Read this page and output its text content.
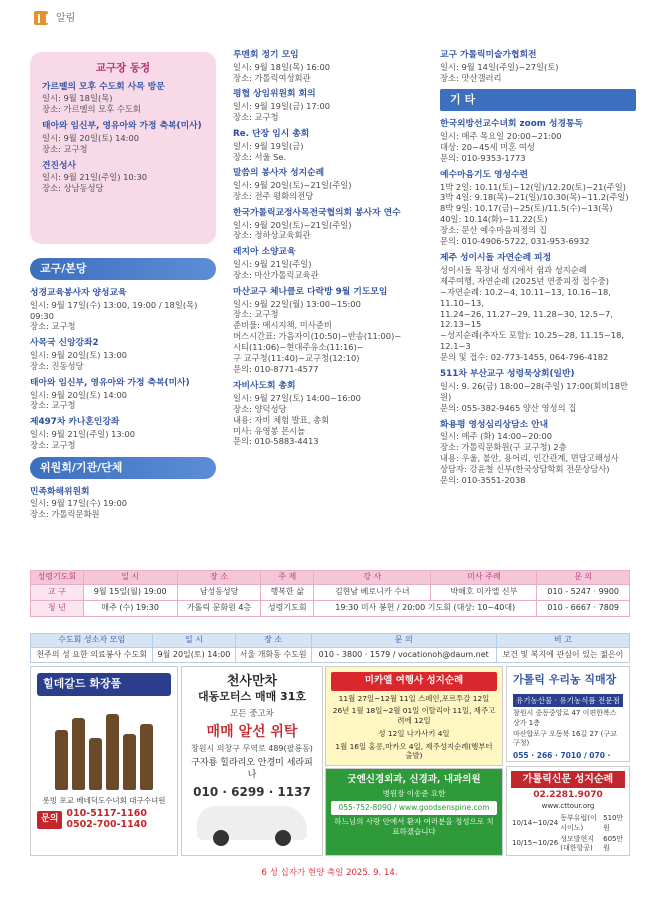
알림
교구장 동정
가르멜의 모후 수도회 사목 방문
일시: 9월 18일(목)
장소: 가르멜의 모후 수도회
태아와 임신부, 영유아와 가정 축복(미사)
일시: 9월 20일(토) 14:00
장소: 교구청
견진성사
일시: 9월 21일(주일) 10:30
장소: 상남동성당
교구/본당
성경교육봉사자 양성교육
일시: 9월 17일(수) 13:00, 19:00 / 18일(목) 09:30
장소: 교구청
사목국 신앙강좌2
일시: 9월 20일(토) 13:00
장소: 진동성당
태아와 임신부, 영유아와 가정 축복(미사)
일시: 9월 20일(토) 14:00
장소: 교구청
제497차 카나혼인강좌
일시: 9월 21일(주일) 13:00
장소: 교구청
위원회/기관/단체
민족화해위원회
일시: 9월 17일(수) 19:00
장소: 가톨릭문화원
루멘회 정기 모임
일시: 9월 18일(목) 16:00
장소: 가톨릭여성회관
평협 상임위원회 회의
일시: 9월 19일(금) 17:00
장소: 교구청
Re. 단장 임시 총회
일시: 9월 19일(금)
장소: 서울 Se.
말씀의 봉사자 성지순례
일시: 9월 20일(토)~21일(주일)
장소: 전주 평화의전당
한국가톨릭교정사목전국협의회 봉사자 연수
일시: 9월 20일(토)~21일(주일)
장소: 정하상교육회관
레지아 소양교육
일시: 9월 21일(주일)
장소: 마산가톨릭교육관
마산교구 체나클로 다락방 9월 기도모임
일시: 9월 22일(월) 13:00~15:00
장소: 교구청
준비물: 메시지책, 미사준비
버스시간표: 가음자이(10:50)~반송(11:00)~
시티(11:06)~현대주유소(11:16)~
구 교구청(11:40)~교구청(12:10)
문의: 010-8771-4577
자비사도회 총회
일시: 9월 27일(토) 14:00~16:00
장소: 양덕성당
내용: 자비 체험 발표, 총회
미사: 유영봉 몬시뇰
문의: 010-5883-4413
교구 가톨릭미술가협회전
일시: 9월 14일(주일)~27일(토)
장소: 맛산갤러리
기 타
한국외방선교수녀회 zoom 성경통독
일시: 매주 목요일 20:00~21:00
대상: 20~45세 미혼 여성
문의: 010-9353-1773
예수마음기도 영성수련
1박 2일: 10.11(토)~12(일)/12.20(토)~21(주일)
3박 4일: 9.18(목)~21(일)/10.30(목)~11.2(주일)
8박 9일: 10.17(금)~25(토)/11.5(수)~13(목)
40일: 10.14(화)~11.22(토)
장소: 문산 예수마음피정의 집
문의: 010-4906-5722, 031-953-6932
제주 성이시돌 자연순례 피정
성이시돌 목장내 성지에서 쉼과 성지순례
제주여행, 자연순례 (2025년 연중피정 접수중)
~자연순례: 10.2~4, 10.11~13, 10.16~18, 11.10~13,
11.24~26, 11.27~29, 11.28~30, 12.5~7, 12.13~15
~성지순례(추자도 포함): 10.25~28, 11.15~18, 12.1~3
문의 및 접수: 02-773-1455, 064-796-4182
511차 부산교구 성령묵상회(일반)
일시: 9. 26(금) 18:00~28(주일) 17:00(회비18만원)
문의: 055-382-9465 양산 영성의 집
화용평 영성심리상담소 안내
일시: 매주 (화) 14:00~20:00
장소: 가톨릭문화원(구 교구청) 2층
내용: 우울, 불안, 용어리, 인간관계, 면담고해성사
상담자: 강윤철 신부(한국상담학회 전문상담사)
문의: 010-3551-2038
성령기도회	일 시	장 소	주 제	강 사	미사 주례	문 의
교 구	9월 15일(월) 19:00	남성동성당	행복한 삶	김현남 베로니카 수녀	박해호 미카엘 신부	010 - 5247 · 9900
청 년	매주 (수) 19:30	가톨릭 문화원 4층	성령기도회	19:30 미사 봉헌 / 20:00 기도회 (대상: 10~40대)		010 - 6667 · 7809
수도회 성소자 모임	일 시	장 소	문 의	비 고
천주의 성 요한 의료봉사 수도회	9월 20일(토) 14:00	서울 개화동 수도원	010 - 3800 · 1579 / vocationoh@daum.net	보건 및 복지에 관심이 있는 젊은이
힐데갈드 화장품
롯빙 포교 베네딕도수녀회 대구수녀원
문의 010-5117-1160
0502-700-1140
천사만차
대동모터스 매매 31호
모든 중고차
매매 알선 위탁
창원시 의창구 무역로 489(팔룡동)
구자룡 힐라리오 안경미 세라피나
010 · 6299 · 1137
미카엘 여행사 성지순례
11월 27일~12월 11일 스페인,포르투갈 12일
26년 1월 18일~2월 01일 이탈리아 11일, 제주고려에 12일
성 12일 나가사키 4일
1월 16일 홍콩,마카오 4일, 제주성지순례(행부터 출발)
굿엔신경외과, 신경과, 내과의원
병원장 이송준 요한
055-752-8090 / www.goodsenspine.com
하느님의 사랑 안에서 환자 여러분을 정성으로 치료하겠습니다
가톨릭 우리농 직매장
유기농산물 · 유기농식품 전문점
창원시 중동중앙로 47 이편한복스상가 1층
마산합포구 오동북 16길 27 (구교구청)
055 · 266 · 7010 / 070 ·
가톨릭신문 성지순례
02.2281.9070
www.cttour.org
10/14~10/24	동부유럽(이시이노)	510만원
10/15~10/26	성모발현지(대한항공)	605만원

6 성 십자가 현양 축일 2025. 9. 14.
